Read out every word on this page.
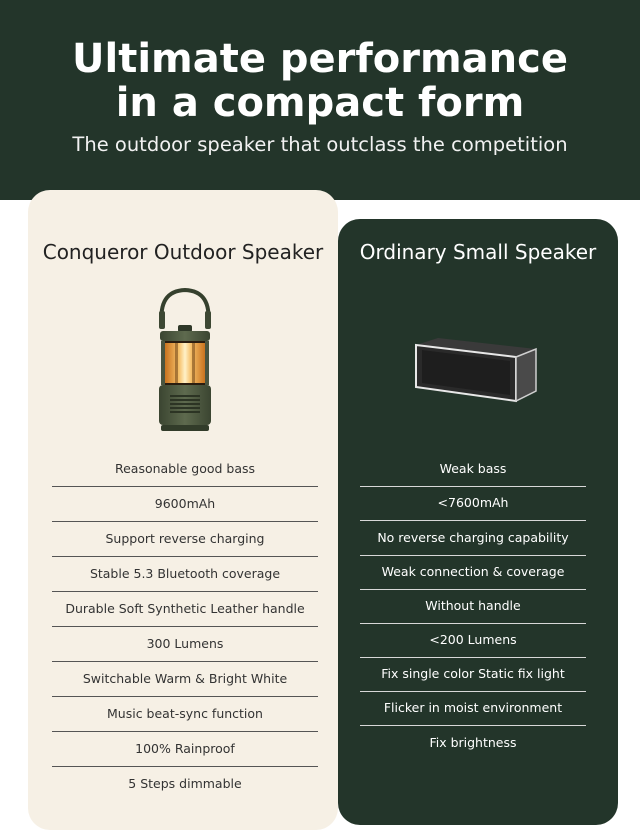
Ultimate performance
in a compact form
The outdoor speaker that outclass the competition
Conqueror Outdoor Speaker	Ordinary Small Speaker
Reasonable good bass
9600mAh
Support reverse charging
Stable 5.3 Bluetooth coverage
Durable Soft Synthetic Leather handle
300 Lumens
Switchable Warm & Bright White
Music beat-sync function
100% Rainproof
5 Steps dimmable
Weak bass
<7600mAh
No reverse charging capability
Weak connection & coverage
Without handle
<200 Lumens
Fix single color Static fix light
Flicker in moist environment
Fix brightness
